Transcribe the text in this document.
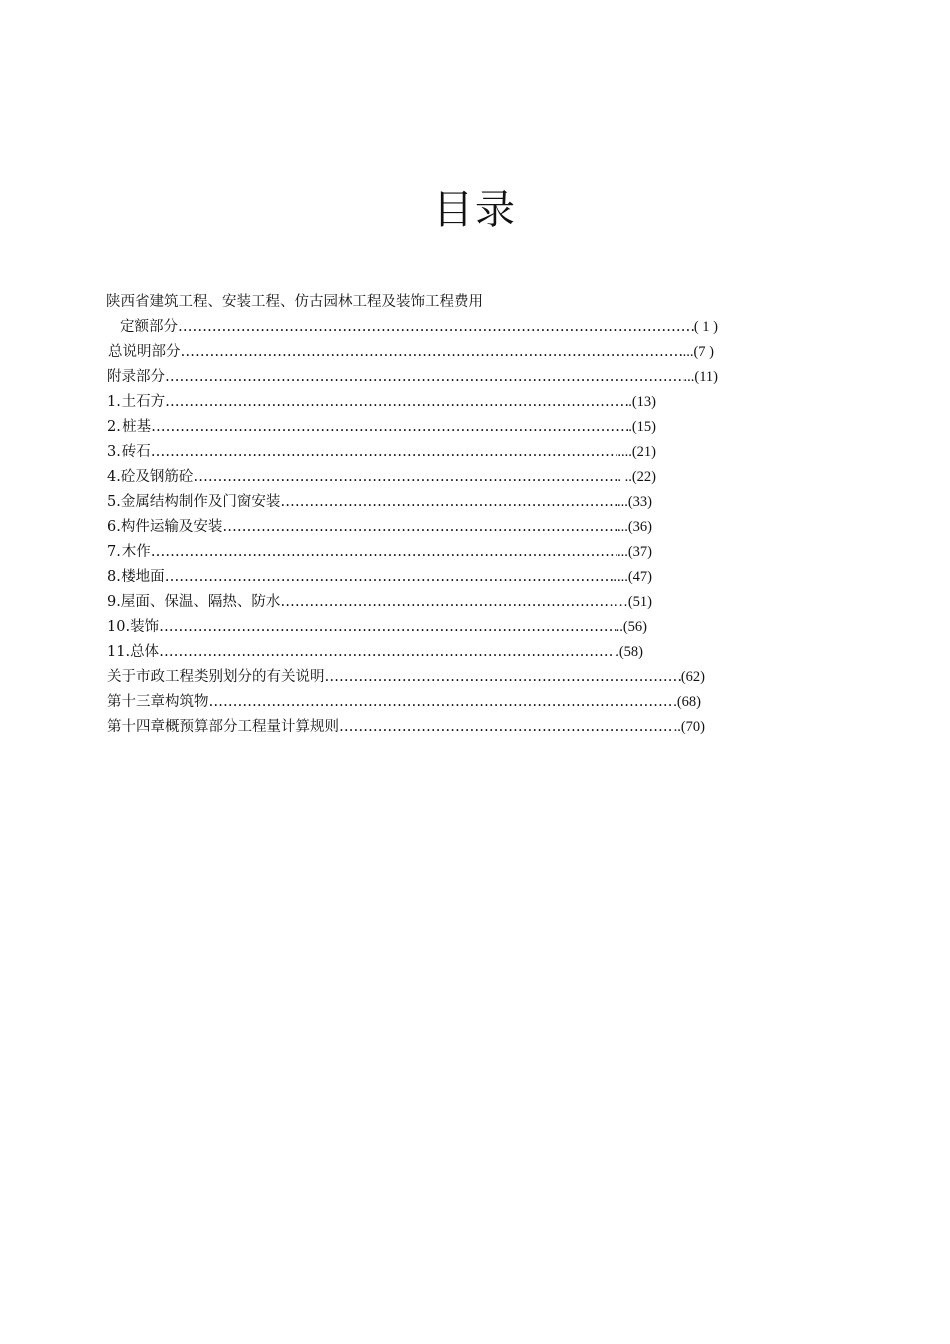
目录
陕西省建筑工程、安装工程、仿古园林工程及装饰工程费用
定额部分 ………………………………………………………………………………………………………………………………………………………………………………………………	( 1 )
总说明部分 ………………………………………………………………………………………………………………………………………………………………………………………………	...(7 )
附录部分 ………………………………………………………………………………………………………………………………………………………………………………………………	...(11)
1. 土石方 ………………………………………………………………………………………………………………………………………………………………………………………………	.(13)
2. 桩基 ………………………………………………………………………………………………………………………………………………………………………………………………	.(15)
3. 砖石 ………………………………………………………………………………………………………………………………………………………………………………………………	....(21)
4. 砼及钢筋砼 ………………………………………………………………………………………………………………………………………………………………………………………………	. ..(22)
5. 金属结构制作及门窗安装 ………………………………………………………………………………………………………………………………………………………………………………………………	...(33)
6. 构件运输及安装 ………………………………………………………………………………………………………………………………………………………………………………………………	...(36)
7. 木作 ………………………………………………………………………………………………………………………………………………………………………………………………	...(37)
8. 楼地面 ………………………………………………………………………………………………………………………………………………………………………………………………	....(47)
9. 屋面、保温、隔热、防水 ………………………………………………………………………………………………………………………………………………………………………………………………	.…(51)
10. 装饰 ………………………………………………………………………………………………………………………………………………………………………………………………	..(56)
11. 总体 ………………………………………………………………………………………………………………………………………………………………………………………………	.(58)
关于市政工程类别划分的有关说明 ………………………………………………………………………………………………………………………………………………………………………………………………	(62)
第十三章 构筑物 ………………………………………………………………………………………………………………………………………………………………………………………………	.(68)
第十四章 概预算部分工程量计算规则 ………………………………………………………………………………………………………………………………………………………………………………………………	..(70)
